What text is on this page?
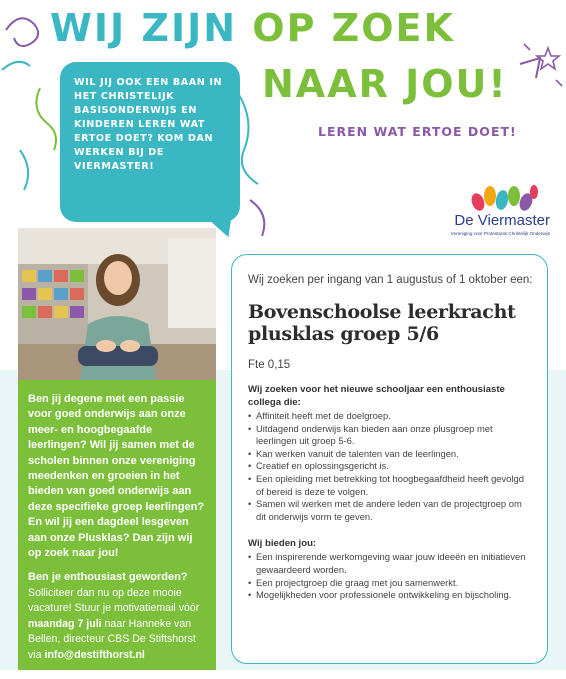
WIJ ZIJN OP ZOEK
NAAR JOU!
LEREN WAT ERTOE DOET!
WIL JIJ OOK EEN BAAN IN HET CHRISTELIJK BASISONDERWIJS EN KINDEREN LEREN WAT ERTOE DOET? KOM DAN WERKEN BIJ DE VIERMASTER!
De Viermaster
Vereniging voor Protestants Christelijk Onderwijs
Ben jij degene met een passie voor goed onderwijs aan onze meer- en hoogbegaafde leerlingen? Wil jij samen met de scholen binnen onze vereniging meedenken en groeien in het bieden van goed onderwijs aan deze specifieke groep leerlingen? En wil jij een dagdeel lesgeven aan onze Plusklas? Dan zijn wij op zoek naar jou!
Ben je enthousiast geworden?
Solliciteer dan nu op deze mooie vacature! Stuur je motivatiemail vóór maandag 7 juli naar Hanneke van Bellen, directeur CBS De Stiftshorst via info@destifthorst.nl
Wij zoeken per ingang van 1 augustus of 1 oktober een:
Bovenschoolse leerkracht plusklas groep 5/6
Fte 0,15
Wij zoeken voor het nieuwe schooljaar een enthousiaste collega die:
• Affiniteit heeft met de doelgroep.
• Uitdagend onderwijs kan bieden aan onze plusgroep met leerlingen uit groep 5-6.
• Kan werken vanuit de talenten van de leerlingen.
• Creatief en oplossingsgericht is.
• Een opleiding met betrekking tot hoogbegaafdheid heeft gevolgd of bereid is deze te volgen.
• Samen wil werken met de andere leden van de projectgroep om dit onderwijs vorm te geven.
Wij bieden jou:
• Een inspirerende werkomgeving waar jouw ideeën en initiatieven gewaardeerd worden.
• Een projectgroep die graag met jou samenwerkt.
• Mogelijkheden voor professionele ontwikkeling en bijscholing.
